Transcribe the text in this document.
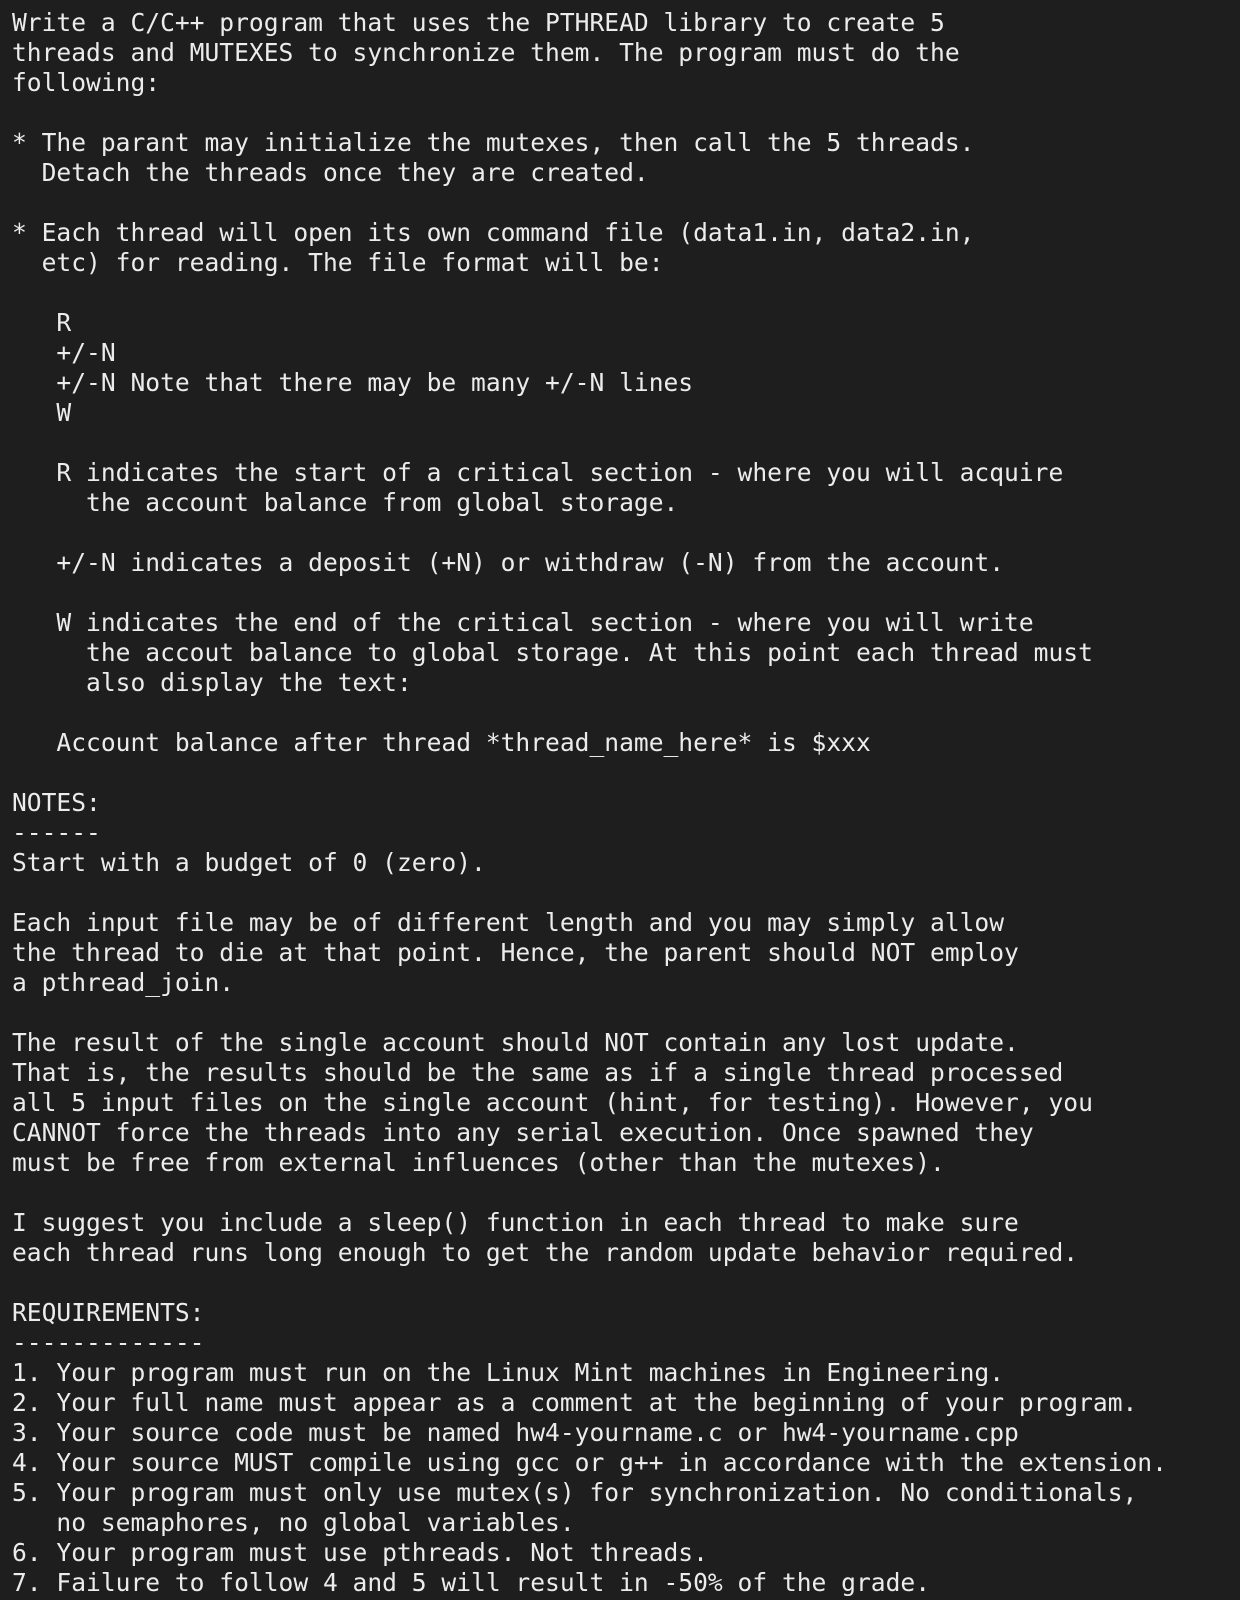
Write a C/C++ program that uses the PTHREAD library to create 5
threads and MUTEXES to synchronize them. The program must do the
following:
* The parant may initialize the mutexes, then call the 5 threads.
Detach the threads once they are created.
* Each thread will open its own command file (data1.in, data2.in,
etc) for reading. The file format will be:
R
+/-N
+/-N Note that there may be many +/-N lines
W
R indicates the start of a critical section - where you will acquire
the account balance from global storage.
+/-N indicates a deposit (+N) or withdraw (-N) from the account.
W indicates the end of the critical section - where you will write
the accout balance to global storage. At this point each thread must
also display the text:
Account balance after thread *thread_name_here* is $xxx
NOTES:
------
Start with a budget of 0 (zero).
Each input file may be of different length and you may simply allow
the thread to die at that point. Hence, the parent should NOT employ
a pthread_join.
The result of the single account should NOT contain any lost update.
That is, the results should be the same as if a single thread processed
all 5 input files on the single account (hint, for testing). However, you
CANNOT force the threads into any serial execution. Once spawned they
must be free from external influences (other than the mutexes).
I suggest you include a sleep() function in each thread to make sure
each thread runs long enough to get the random update behavior required.
REQUIREMENTS:
-------------
1. Your program must run on the Linux Mint machines in Engineering.
2. Your full name must appear as a comment at the beginning of your program.
3. Your source code must be named hw4-yourname.c or hw4-yourname.cpp
4. Your source MUST compile using gcc or g++ in accordance with the extension.
5. Your program must only use mutex(s) for synchronization. No conditionals,
no semaphores, no global variables.
6. Your program must use pthreads. Not threads.
7. Failure to follow 4 and 5 will result in -50% of the grade.
